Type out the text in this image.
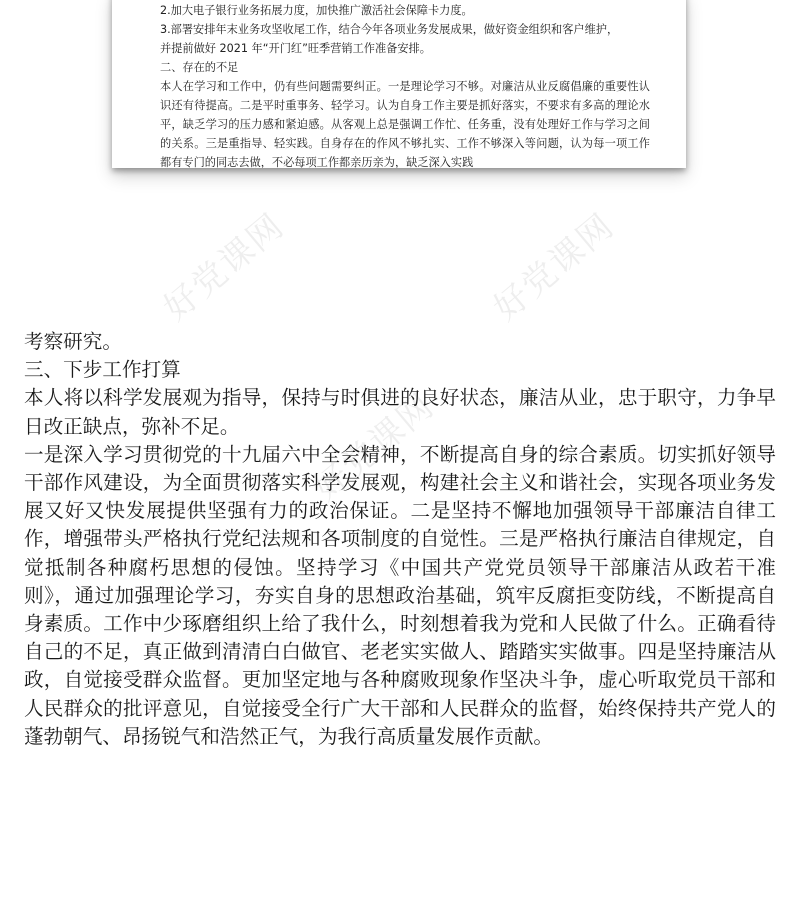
2.加大电子银行业务拓展力度，加快推广激活社会保障卡力度。
3.部署安排年末业务攻坚收尾工作，结合今年各项业务发展成果，做好资金组织和客户维护，
并提前做好 2021 年“开门红”旺季营销工作准备安排。
二、存在的不足
本人在学习和工作中，仍有些问题需要纠正。一是理论学习不够。对廉洁从业反腐倡廉的重要性认识还有待提高。二是平时重事务、轻学习。认为自身工作主要是抓好落实，不要求有多高的理论水平，缺乏学习的压力感和紧迫感。从客观上总是强调工作忙、任务重，没有处理好工作与学习之间的关系。三是重指导、轻实践。自身存在的作风不够扎实、工作不够深入等问题，认为每一项工作都有专门的同志去做，不必每项工作都亲历亲为，缺乏深入实践
好党课网	好党课网
好党课网

考察研究。

三、下步工作打算

本人将以科学发展观为指导，保持与时俱进的良好状态，廉洁从业，忠于职守，力争早日改正缺点，弥补不足。

一是深入学习贯彻党的十九届六中全会精神，不断提高自身的综合素质。切实抓好领导干部作风建设，为全面贯彻落实科学发展观，构建社会主义和谐社会，实现各项业务发展又好又快发展提供坚强有力的政治保证。二是坚持不懈地加强领导干部廉洁自律工作，增强带头严格执行党纪法规和各项制度的自觉性。三是严格执行廉洁自律规定，自觉抵制各种腐朽思想的侵蚀。坚持学习《中国共产党党员领导干部廉洁从政若干准则》，通过加强理论学习，夯实自身的思想政治基础，筑牢反腐拒变防线，不断提高自身素质。工作中少琢磨组织上给了我什么，时刻想着我为党和人民做了什么。正确看待自己的不足，真正做到清清白白做官、老老实实做人、踏踏实实做事。四是坚持廉洁从政，自觉接受群众监督。更加坚定地与各种腐败现象作坚决斗争，虚心听取党员干部和人民群众的批评意见，自觉接受全行广大干部和人民群众的监督，始终保持共产党人的蓬勃朝气、昂扬锐气和浩然正气，为我行高质量发展作贡献。
